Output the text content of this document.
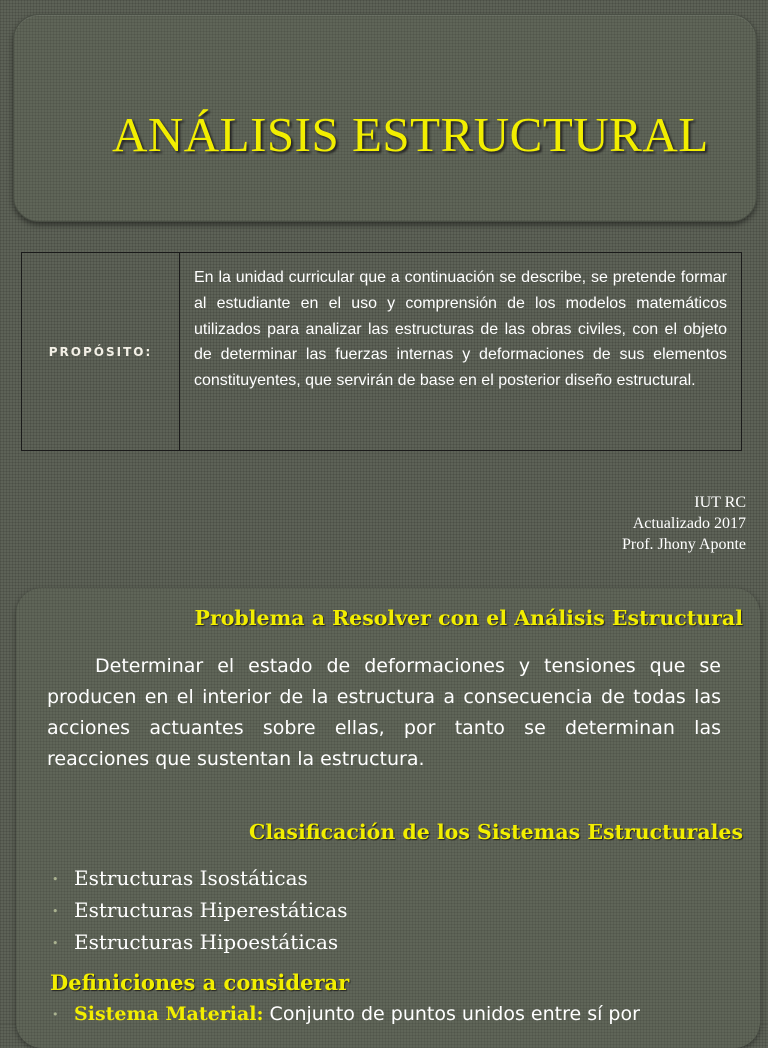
ANÁLISIS ESTRUCTURAL
PROPÓSITO:
En la unidad curricular que a continuación se describe, se pretende formar al estudiante en el uso y comprensión de los modelos matemáticos utilizados para analizar las estructuras de las obras civiles, con el objeto de determinar las fuerzas internas y deformaciones de sus elementos constituyentes, que servirán de base en el posterior diseño estructural.
IUT RC
Actualizado 2017
Prof. Jhony Aponte
Problema a Resolver con el Análisis Estructural

Determinar el estado de deformaciones y tensiones que se producen en el interior de la estructura a consecuencia de todas las acciones actuantes sobre ellas, por tanto se determinan las reacciones que sustentan la estructura.

Clasificación de los Sistemas Estructurales
• Estructuras Isostáticas
• Estructuras Hiperestáticas
• Estructuras Hipoestáticas
Definiciones a considerar
• Sistema Material: Conjunto de puntos unidos entre sí por
